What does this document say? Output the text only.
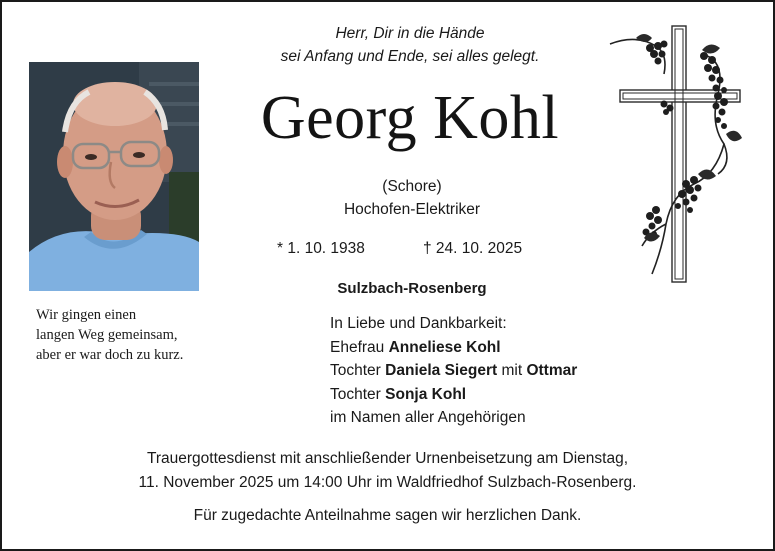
Herr, Dir in die Hände
sei Anfang und Ende, sei alles gelegt.
Georg Kohl
(Schore)
Hochofen-Elektriker
* 1. 10. 1938	† 24. 10. 2025
Sulzbach-Rosenberg
Wir gingen einen
langen Weg gemeinsam,
aber er war doch zu kurz.
In Liebe und Dankbarkeit:
Ehefrau Anneliese Kohl
Tochter Daniela Siegert mit Ottmar
Tochter Sonja Kohl
im Namen aller Angehörigen
Trauergottesdienst mit anschließender Urnenbeisetzung am Dienstag,
11. November 2025 um 14:00 Uhr im Waldfriedhof Sulzbach-Rosenberg.
Für zugedachte Anteilnahme sagen wir herzlichen Dank.
